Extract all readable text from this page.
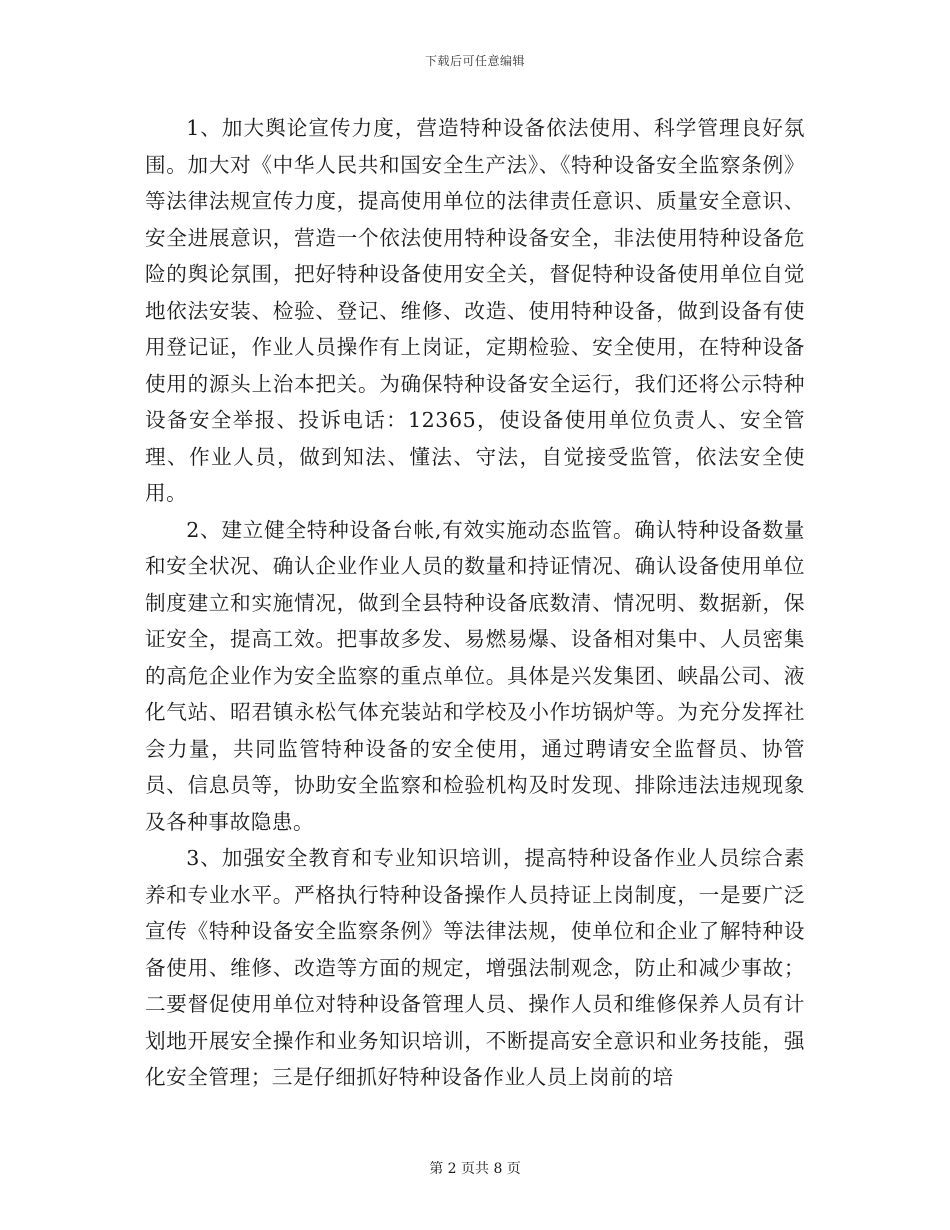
下载后可任意编辑

1、加大舆论宣传力度，营造特种设备依法使用、科学管理良好氛围。加大对《中华人民共和国安全生产法》、《特种设备安全监察条例》等法律法规宣传力度，提高使用单位的法律责任意识、质量安全意识、安全进展意识，营造一个依法使用特种设备安全，非法使用特种设备危险的舆论氛围，把好特种设备使用安全关，督促特种设备使用单位自觉地依法安装、检验、登记、维修、改造、使用特种设备，做到设备有使用登记证，作业人员操作有上岗证，定期检验、安全使用，在特种设备使用的源头上治本把关。为确保特种设备安全运行，我们还将公示特种设备安全举报、投诉电话：12365，使设备使用单位负责人、安全管理、作业人员，做到知法、懂法、守法，自觉接受监管，依法安全使用。

2、建立健全特种设备台帐,有效实施动态监管。确认特种设备数量和安全状况、确认企业作业人员的数量和持证情况、确认设备使用单位制度建立和实施情况，做到全县特种设备底数清、情况明、数据新，保证安全，提高工效。把事故多发、易燃易爆、设备相对集中、人员密集的高危企业作为安全监察的重点单位。具体是兴发集团、峡晶公司、液化气站、昭君镇永松气体充装站和学校及小作坊锅炉等。为充分发挥社会力量，共同监管特种设备的安全使用，通过聘请安全监督员、协管员、信息员等，协助安全监察和检验机构及时发现、排除违法违规现象及各种事故隐患。

3、加强安全教育和专业知识培训，提高特种设备作业人员综合素养和专业水平。严格执行特种设备操作人员持证上岗制度，一是要广泛宣传《特种设备安全监察条例》等法律法规，使单位和企业了解特种设备使用、维修、改造等方面的规定，增强法制观念，防止和减少事故；二要督促使用单位对特种设备管理人员、操作人员和维修保养人员有计划地开展安全操作和业务知识培训，不断提高安全意识和业务技能，强化安全管理；三是仔细抓好特种设备作业人员上岗前的培

第 2 页共 8 页
